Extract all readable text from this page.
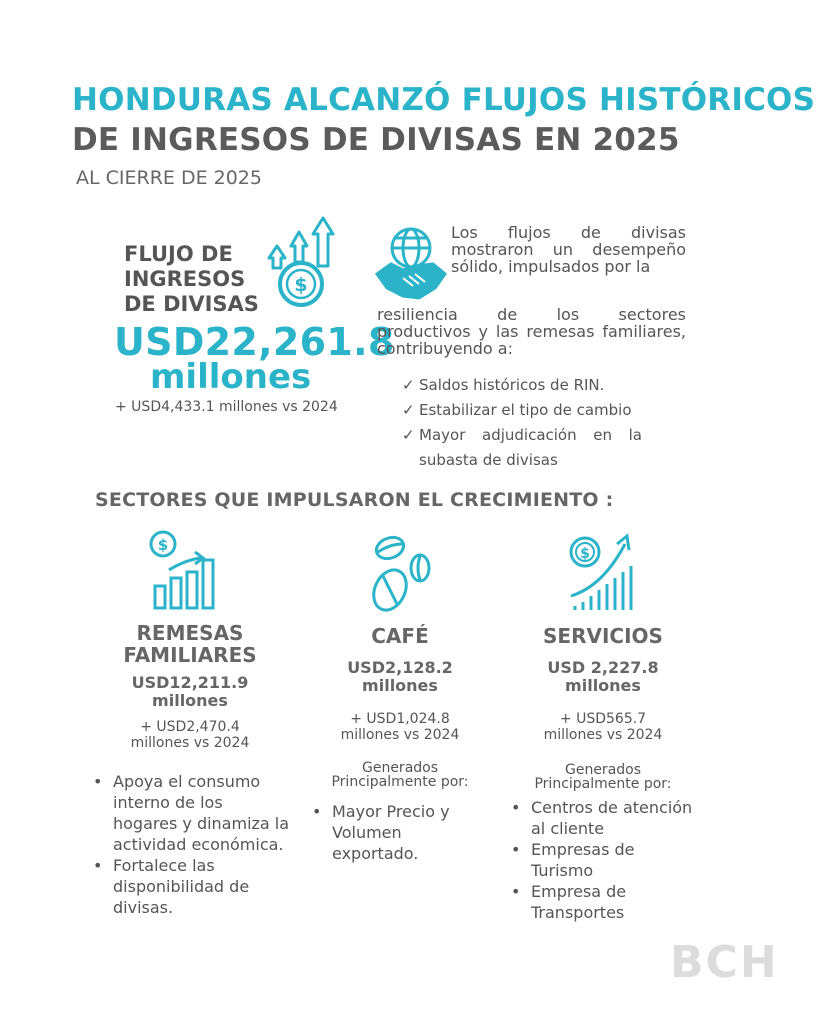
HONDURAS ALCANZÓ FLUJOS HISTÓRICOS
DE INGRESOS DE DIVISAS EN 2025
AL CIERRE DE 2025
FLUJO DE
INGRESOS
DE DIVISAS
$
USD22,261.8
millones
+ USD4,433.1 millones vs 2024
Los flujos de divisas
mostraron un desempeño
sólido, impulsados por la
resiliencia de los sectores
productivos y las remesas familiares,
contribuyendo a:
✓ Saldos históricos de RIN.
✓ Estabilizar el tipo de cambio
✓ Mayor adjudicación en la
subasta de divisas
SECTORES QUE IMPULSARON EL CRECIMIENTO :
$	$
REMESAS
FAMILIARES
USD12,211.9
millones
+ USD2,470.4
millones vs 2024
CAFÉ
USD2,128.2
millones
+ USD1,024.8
millones vs 2024
Generados
Principalmente por:
SERVICIOS
USD 2,227.8
millones
+ USD565.7
millones vs 2024
Generados
Principalmente por:
• Apoya el consumo interno de los hogares y dinamiza la actividad económica.
• Fortalece las disponibilidad de divisas.
• Mayor Precio y Volumen exportado.
• Centros de atención al cliente
• Empresas de Turismo
• Empresa de Transportes
BCH
